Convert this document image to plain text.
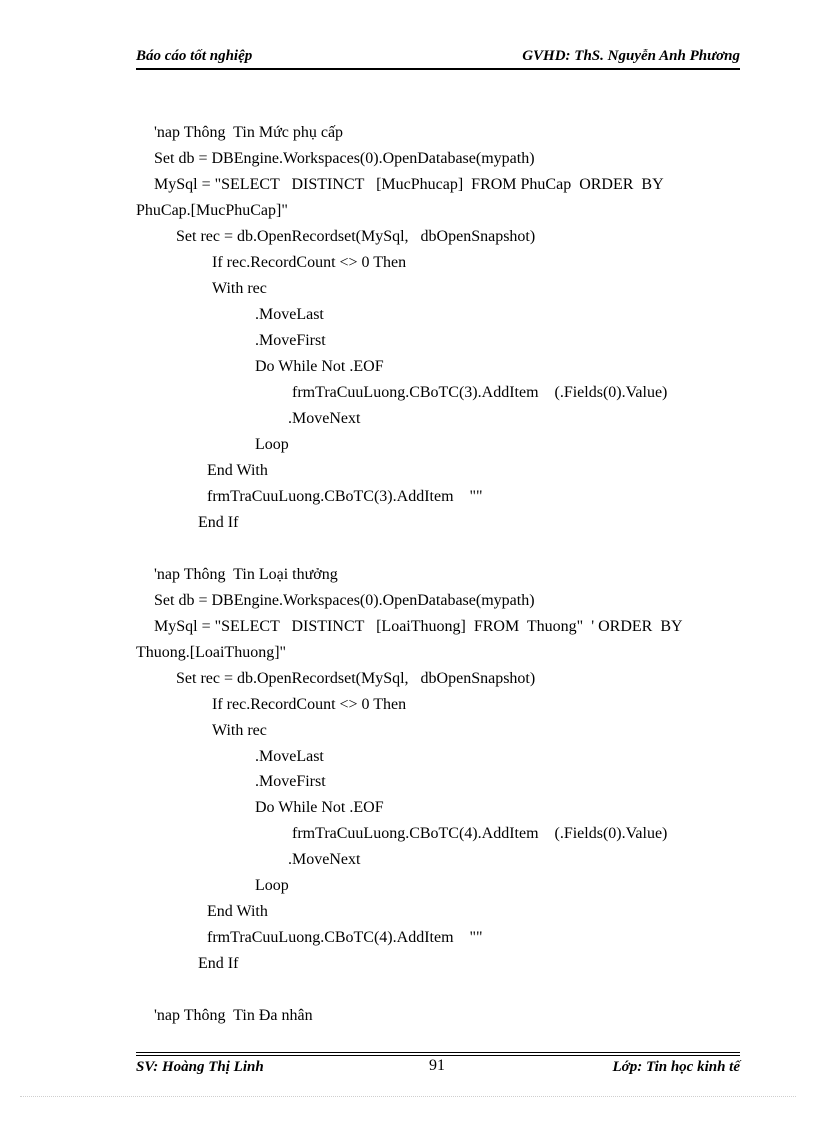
Báo cáo tốt nghiệp	GVHD: ThS. Nguyễn Anh Phương
'nap Thông  Tin Mức phụ cấp
Set db = DBEngine.Workspaces(0).OpenDatabase(mypath)
MySql = "SELECT   DISTINCT   [MucPhucap]  FROM PhuCap  ORDER  BY
PhuCap.[MucPhuCap]"
Set rec = db.OpenRecordset(MySql,   dbOpenSnapshot)
If rec.RecordCount <> 0 Then
With rec
.MoveLast
.MoveFirst
Do While Not .EOF
frmTraCuuLuong.CBoTC(3).AddItem    (.Fields(0).Value)
.MoveNext
Loop
End With
frmTraCuuLuong.CBoTC(3).AddItem    ""
End If
'nap Thông  Tin Loại thưởng
Set db = DBEngine.Workspaces(0).OpenDatabase(mypath)
MySql = "SELECT   DISTINCT   [LoaiThuong]  FROM  Thuong"  ' ORDER  BY
Thuong.[LoaiThuong]"
Set rec = db.OpenRecordset(MySql,   dbOpenSnapshot)
If rec.RecordCount <> 0 Then
With rec
.MoveLast
.MoveFirst
Do While Not .EOF
frmTraCuuLuong.CBoTC(4).AddItem    (.Fields(0).Value)
.MoveNext
Loop
End With
frmTraCuuLuong.CBoTC(4).AddItem    ""
End If
'nap Thông  Tin Đa nhân
SV: Hoàng Thị Linh	91	Lớp: Tin học kinh tế
